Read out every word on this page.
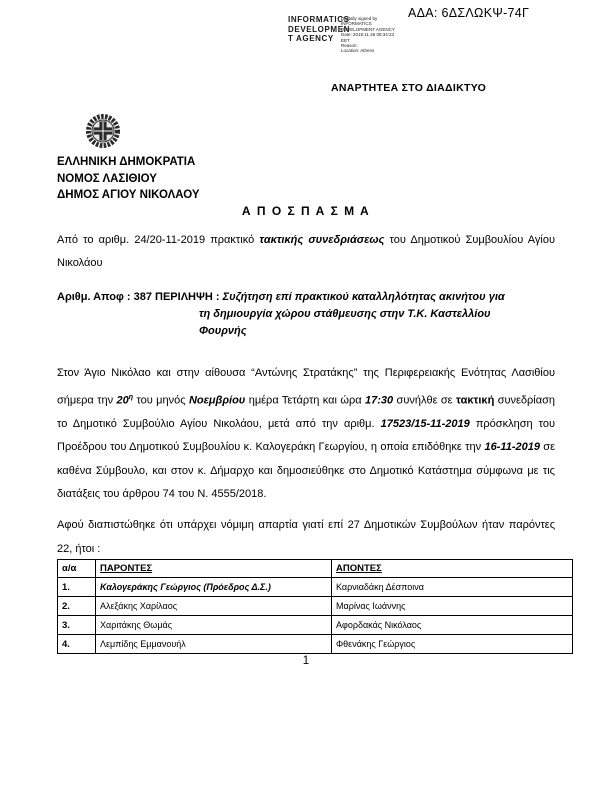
ΑΔΑ: 6ΔΣΛΩΚΨ-74Γ
INFORMATICS
DEVELOPMEN
T AGENCY
Digitally signed by
INFORMATICS
DEVELOPMENT AGENCY
Date: 2019.11.26 08:34:23
EET
Reason:
Location: Athens
ΑΝΑΡΤΗΤΕΑ ΣΤΟ ΔΙΑΔΙΚΤΥΟ
ΕΛΛΗΝΙΚΗ ΔΗΜΟΚΡΑΤΙΑ
ΝΟΜΟΣ ΛΑΣΙΘΙΟΥ
ΔΗΜΟΣ ΑΓΙΟΥ ΝΙΚΟΛΑΟΥ
Α Π Ο Σ Π Α Σ Μ Α
Από το αριθμ. 24/20-11-2019 πρακτικό τακτικής συνεδριάσεως του Δημοτικού Συμβουλίου Αγίου Νικολάου
Αριθμ. Αποφ : 387 ΠΕΡΙΛΗΨΗ : Συζήτηση επί πρακτικού καταλληλότητας ακινήτου για
τη δημιουργία χώρου στάθμευσης στην Τ.Κ. Καστελλίου
Φουρνής
Στον Άγιο Νικόλαο και στην αίθουσα “Αντώνης Στρατάκης” της Περιφερειακής Ενότητας Λασιθίου σήμερα την $20^\eta$ του μηνός Νοεμβρίου ημέρα Τετάρτη και ώρα 17:30 συνήλθε σε τακτική συνεδρίαση το Δημοτικό Συμβούλιο Αγίου Νικολάου, μετά από την αριθμ. 17523/15-11-2019 πρόσκληση του Προέδρου του Δημοτικού Συμβουλίου κ. Καλογεράκη Γεωργίου, η οποία επιδόθηκε την 16-11-2019 σε καθένα Σύμβουλο, και στον κ. Δήμαρχο και δημοσιεύθηκε στο Δημοτικό Κατάστημα σύμφωνα με τις διατάξεις του άρθρου 74 του Ν. 4555/2018.
Αφού διαπιστώθηκε ότι υπάρχει νόμιμη απαρτία γιατί επί 27 Δημοτικών Συμβούλων ήταν παρόντες 22, ήτοι :
α/α	ΠΑΡΟΝΤΕΣ	ΑΠΟΝΤΕΣ
1.	Καλογεράκης Γεώργιος (Πρόεδρος Δ.Σ.)	Καρνιαδάκη Δέσποινα
2.	Αλεξάκης Χαρίλαος	Μαρίνας Ιωάννης
3.	Χαριτάκης Θωμάς	Αφορδακάς Νικόλαος
4.	Λεμπίδης Εμμανουήλ	Φθενάκης Γεώργιος
1
